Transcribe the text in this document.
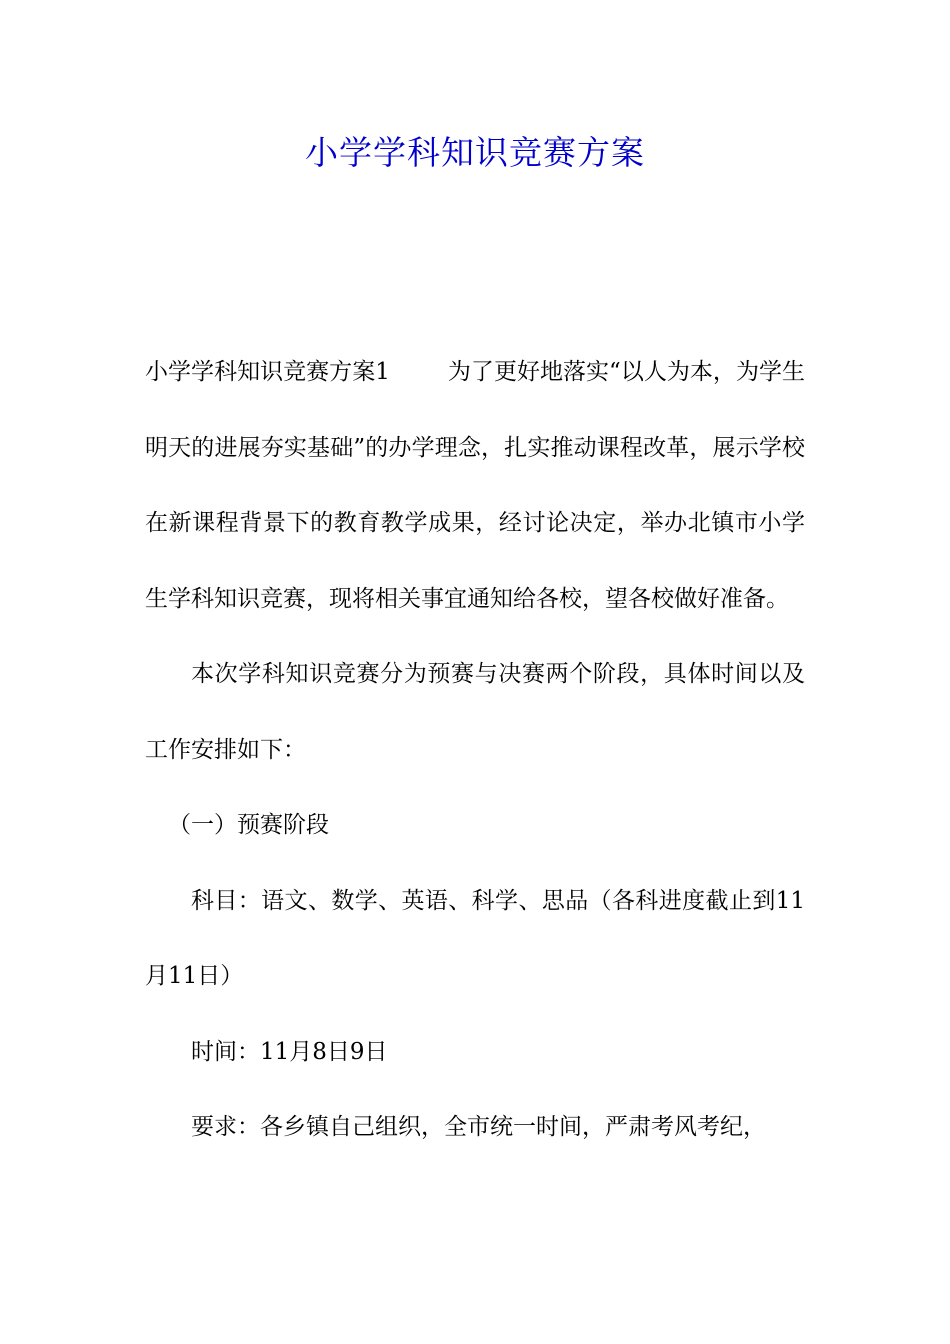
小学学科知识竞赛方案

小学学科知识竞赛方案1	为了更好地落实“以人为本，为学生明天的进展夯实基础”的办学理念，扎实推动课程改革，展示学校在新课程背景下的教育教学成果，经讨论决定，举办北镇市小学生学科知识竞赛，现将相关事宜通知给各校，望各校做好准备。

本次学科知识竞赛分为预赛与决赛两个阶段，具体时间以及工作安排如下：

（一）预赛阶段

科目：语文、数学、英语、科学、思品（各科进度截止到11月11日）

时间：11月8日9日

要求：各乡镇自己组织，全市统一时间，严肃考风考纪，
